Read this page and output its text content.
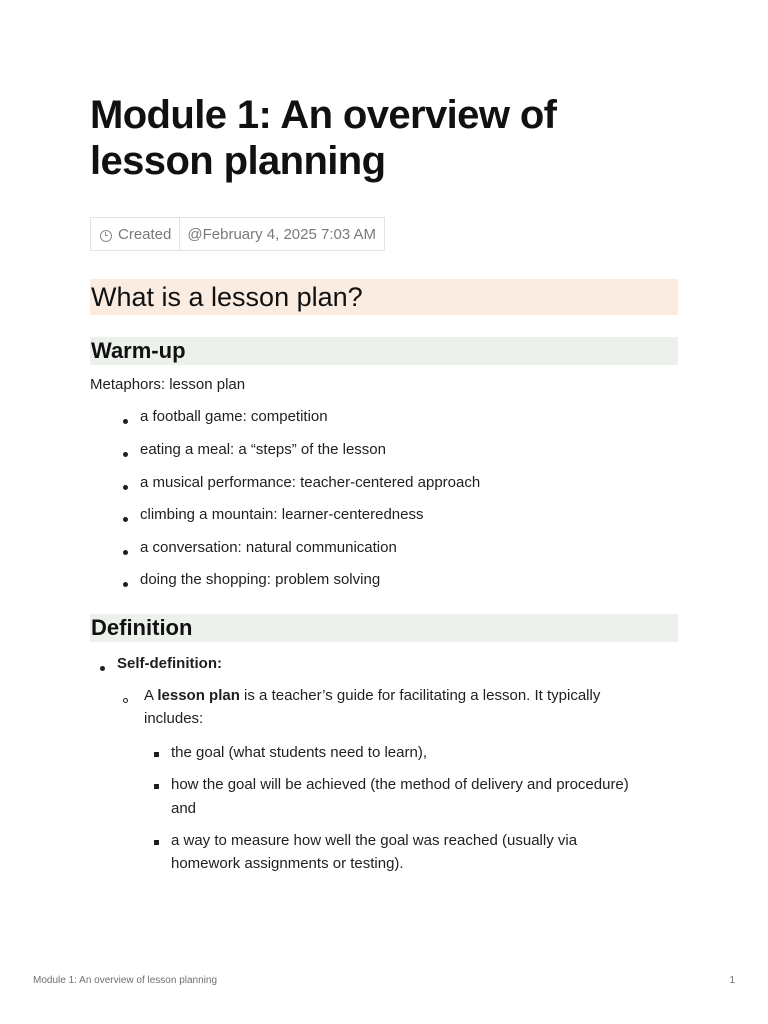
Module 1: An overview of lesson planning
Created	@February 4, 2025 7:03 AM
What is a lesson plan?
Warm-up

Metaphors: lesson plan

a football game: competition
eating a meal: a “steps” of the lesson
a musical performance: teacher-centered approach
climbing a mountain: learner-centeredness
a conversation: natural communication
doing the shopping: problem solving
Definition
Self-definition:
A lesson plan is a teacher’s guide for facilitating a lesson. It typically
includes:
the goal (what students need to learn),
how the goal will be achieved (the method of delivery and procedure)
and
a way to measure how well the goal was reached (usually via
homework assignments or testing).
Module 1: An overview of lesson planning	1
